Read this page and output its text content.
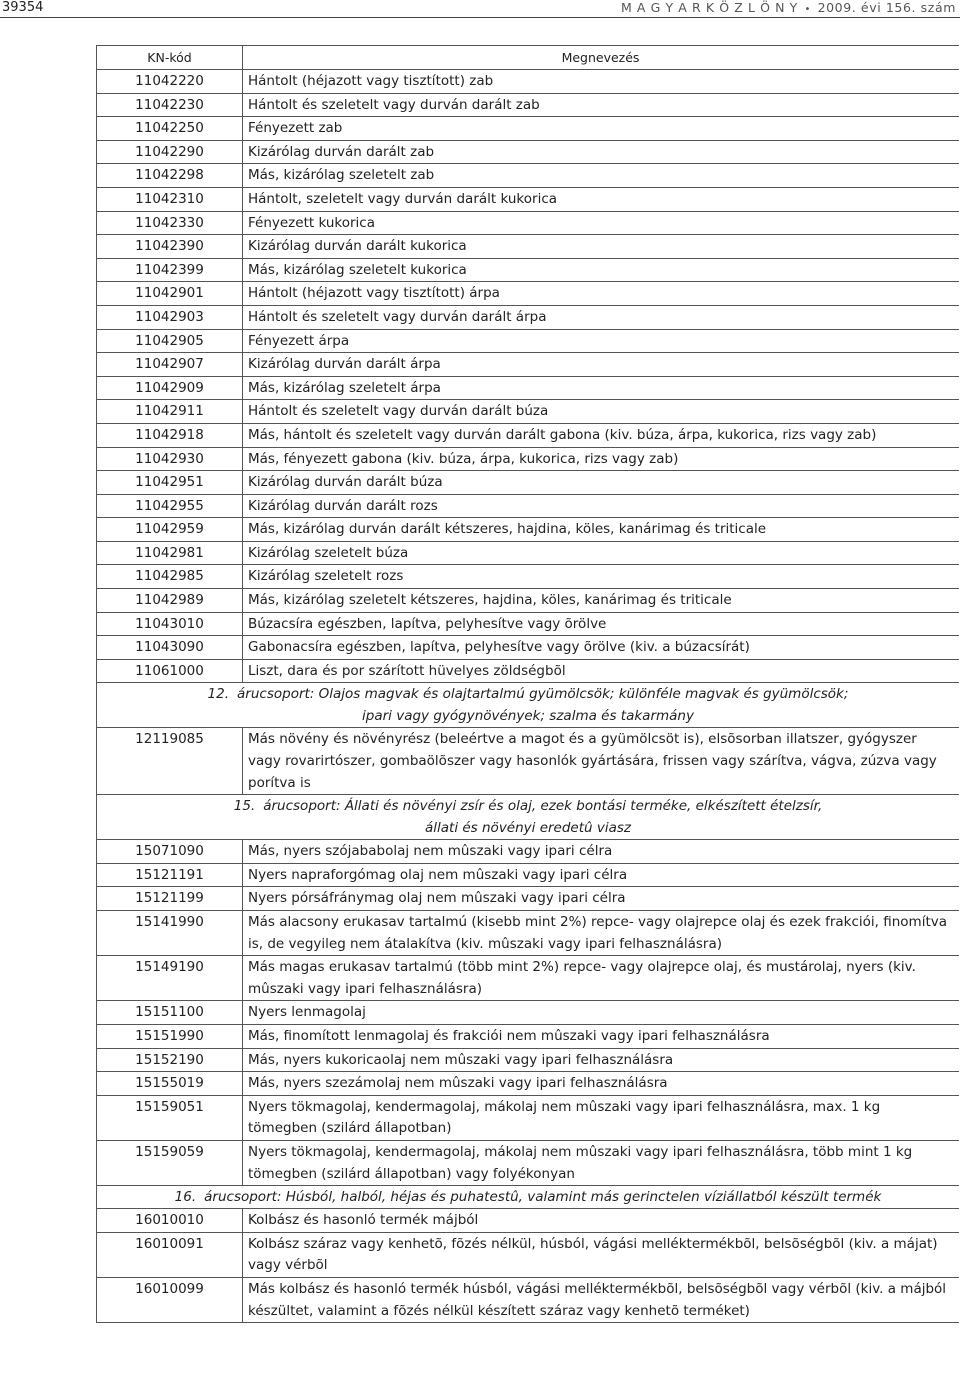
39354	M A G Y A R K Ö Z L Ö N Y • 2009. évi 156. szám
KN-kód	Megnevezés
11042220	Hántolt (héjazott vagy tisztított) zab
11042230	Hántolt és szeletelt vagy durván darált zab
11042250	Fényezett zab
11042290	Kizárólag durván darált zab
11042298	Más, kizárólag szeletelt zab
11042310	Hántolt, szeletelt vagy durván darált kukorica
11042330	Fényezett kukorica
11042390	Kizárólag durván darált kukorica
11042399	Más, kizárólag szeletelt kukorica
11042901	Hántolt (héjazott vagy tisztított) árpa
11042903	Hántolt és szeletelt vagy durván darált árpa
11042905	Fényezett árpa
11042907	Kizárólag durván darált árpa
11042909	Más, kizárólag szeletelt árpa
11042911	Hántolt és szeletelt vagy durván darált búza
11042918	Más, hántolt és szeletelt vagy durván darált gabona (kiv. búza, árpa, kukorica, rizs vagy zab)
11042930	Más, fényezett gabona (kiv. búza, árpa, kukorica, rizs vagy zab)
11042951	Kizárólag durván darált búza
11042955	Kizárólag durván darált rozs
11042959	Más, kizárólag durván darált kétszeres, hajdina, köles, kanárimag és triticale
11042981	Kizárólag szeletelt búza
11042985	Kizárólag szeletelt rozs
11042989	Más, kizárólag szeletelt kétszeres, hajdina, köles, kanárimag és triticale
11043010	Búzacsíra egészben, lapítva, pelyhesítve vagy õrölve
11043090	Gabonacsíra egészben, lapítva, pelyhesítve vagy õrölve (kiv. a búzacsírát)
11061000	Liszt, dara és por szárított hüvelyes zöldségbõl
12. árucsoport: Olajos magvak és olajtartalmú gyümölcsök; különféle magvak és gyümölcsök;
ipari vagy gyógynövények; szalma és takarmány
12119085	Más növény és növényrész (beleértve a magot és a gyümölcsöt is), elsõsorban illatszer, gyógyszer vagy rovarirtószer, gombaölõszer vagy hasonlók gyártására, frissen vagy szárítva, vágva, zúzva vagy porítva is
15. árucsoport: Állati és növényi zsír és olaj, ezek bontási terméke, elkészített ételzsír,
állati és növényi eredetû viasz
15071090	Más, nyers szójababolaj nem mûszaki vagy ipari célra
15121191	Nyers napraforgómag olaj nem mûszaki vagy ipari célra
15121199	Nyers pórsáfránymag olaj nem mûszaki vagy ipari célra
15141990	Más alacsony erukasav tartalmú (kisebb mint 2%) repce- vagy olajrepce olaj és ezek frakciói, finomítva is, de vegyileg nem átalakítva (kiv. mûszaki vagy ipari felhasználásra)
15149190	Más magas erukasav tartalmú (több mint 2%) repce- vagy olajrepce olaj, és mustárolaj, nyers (kiv. mûszaki vagy ipari felhasználásra)
15151100	Nyers lenmagolaj
15151990	Más, finomított lenmagolaj és frakciói nem mûszaki vagy ipari felhasználásra
15152190	Más, nyers kukoricaolaj nem mûszaki vagy ipari felhasználásra
15155019	Más, nyers szezámolaj nem mûszaki vagy ipari felhasználásra
15159051	Nyers tökmagolaj, kendermagolaj, mákolaj nem mûszaki vagy ipari felhasználásra, max. 1 kg tömegben (szilárd állapotban)
15159059	Nyers tökmagolaj, kendermagolaj, mákolaj nem mûszaki vagy ipari felhasználásra, több mint 1 kg tömegben (szilárd állapotban) vagy folyékonyan
16. árucsoport: Húsból, halból, héjas és puhatestû, valamint más gerinctelen víziállatból készült termék
16010010	Kolbász és hasonló termék májból
16010091	Kolbász száraz vagy kenhetõ, fõzés nélkül, húsból, vágási melléktermékbõl, belsõségbõl (kiv. a májat) vagy vérbõl
16010099	Más kolbász és hasonló termék húsból, vágási melléktermékbõl, belsõségbõl vagy vérbõl (kiv. a májból készültet, valamint a fõzés nélkül készített száraz vagy kenhetõ terméket)
